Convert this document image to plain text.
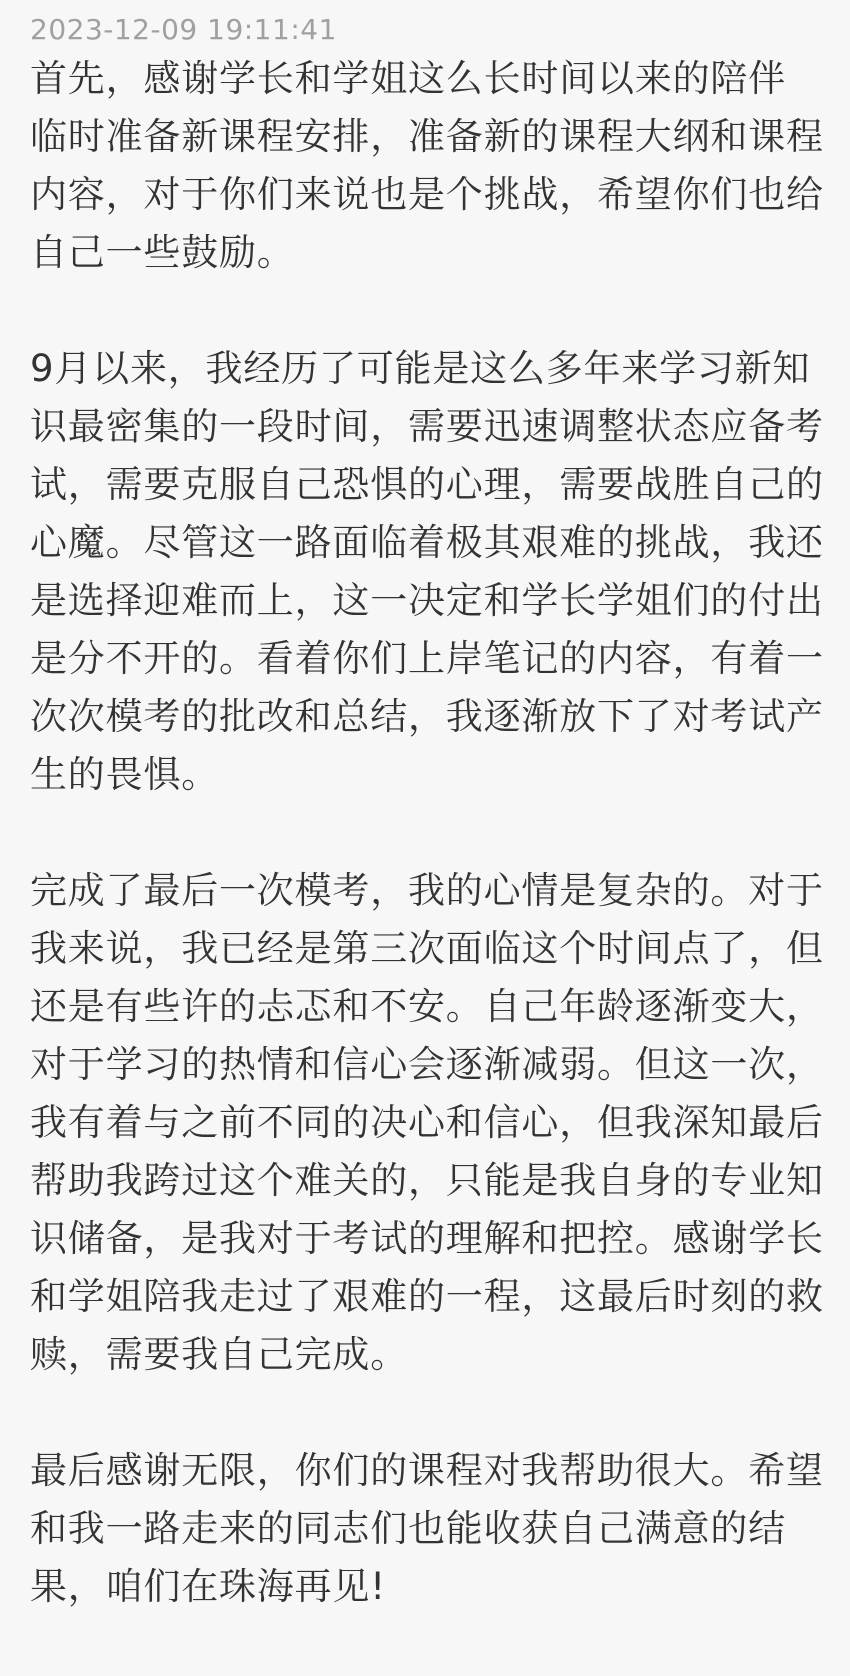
2023-12-09 19:11:41
首先，感谢学长和学姐这么长时间以来的陪伴
临时准备新课程安排，准备新的课程大纲和课程
内容，对于你们来说也是个挑战，希望你们也给
自己一些鼓励。
9月以来，我经历了可能是这么多年来学习新知
识最密集的一段时间，需要迅速调整状态应备考
试，需要克服自己恐惧的心理，需要战胜自己的
心魔。尽管这一路面临着极其艰难的挑战，我还
是选择迎难而上，这一决定和学长学姐们的付出
是分不开的。看着你们上岸笔记的内容，有着一
次次模考的批改和总结，我逐渐放下了对考试产
生的畏惧。
完成了最后一次模考，我的心情是复杂的。对于
我来说，我已经是第三次面临这个时间点了，但
还是有些许的忐忑和不安。自己年龄逐渐变大，
对于学习的热情和信心会逐渐减弱。但这一次，
我有着与之前不同的决心和信心，但我深知最后
帮助我跨过这个难关的，只能是我自身的专业知
识储备，是我对于考试的理解和把控。感谢学长
和学姐陪我走过了艰难的一程，这最后时刻的救
赎，需要我自己完成。
最后感谢无限，你们的课程对我帮助很大。希望
和我一路走来的同志们也能收获自己满意的结
果，咱们在珠海再见!
